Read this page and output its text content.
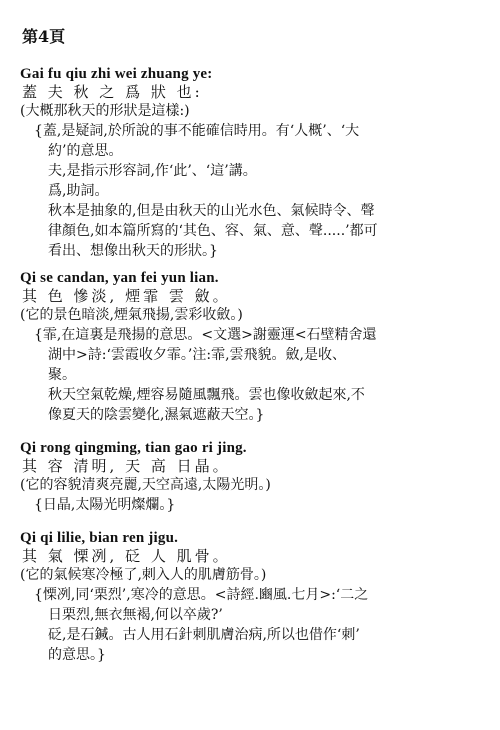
第4頁
Gai fu qiu zhi wei zhuang ye:
蓋 夫 秋 之 爲 狀 也:
(大概那秋天的形狀是這樣:)
{蓋,是疑詞,於所說的事不能確信時用。有‘人概’、‘大
約’的意思。
夫,是指示形容詞,作‘此’、‘這’講。
爲,助詞。
秋本是抽象的,但是由秋天的山光水色、氣候時令、聲
律顏色,如本篇所寫的‘其色、容、氣、意、聲.....’都可
看出、想像出秋天的形狀。}
Qi se candan, yan fei yun lian.
其 色 慘淡, 煙霏 雲 斂。
(它的景色暗淡,煙氣飛揚,雲彩收斂。)
{霏,在這裏是飛揚的意思。<文選>謝靈運<石壁精舍還
湖中>詩:‘雲霞收夕霏。’注:霏,雲飛貌。斂,是收、
聚。
秋天空氣乾燥,煙容易隨風飄飛。雲也像收斂起來,不
像夏天的陰雲變化,濕氣遮蔽天空。}
Qi rong qingming, tian gao ri jing.
其 容 清明, 天 高 日晶。
(它的容貌清爽亮麗,天空高遠,太陽光明。)
{日晶,太陽光明燦爛。}
Qi qi lilie, bian ren jigu.
其 氣 慄冽, 砭 人 肌骨。
(它的氣候寒冷極了,刺入人的肌膚筋骨。)
{慄冽,同‘栗烈’,寒冷的意思。<詩經.豳風.七月>:‘二之
日栗烈,無衣無褐,何以卒歲?’
砭,是石鍼。古人用石針刺肌膚治病,所以也借作‘刺’
的意思。}
